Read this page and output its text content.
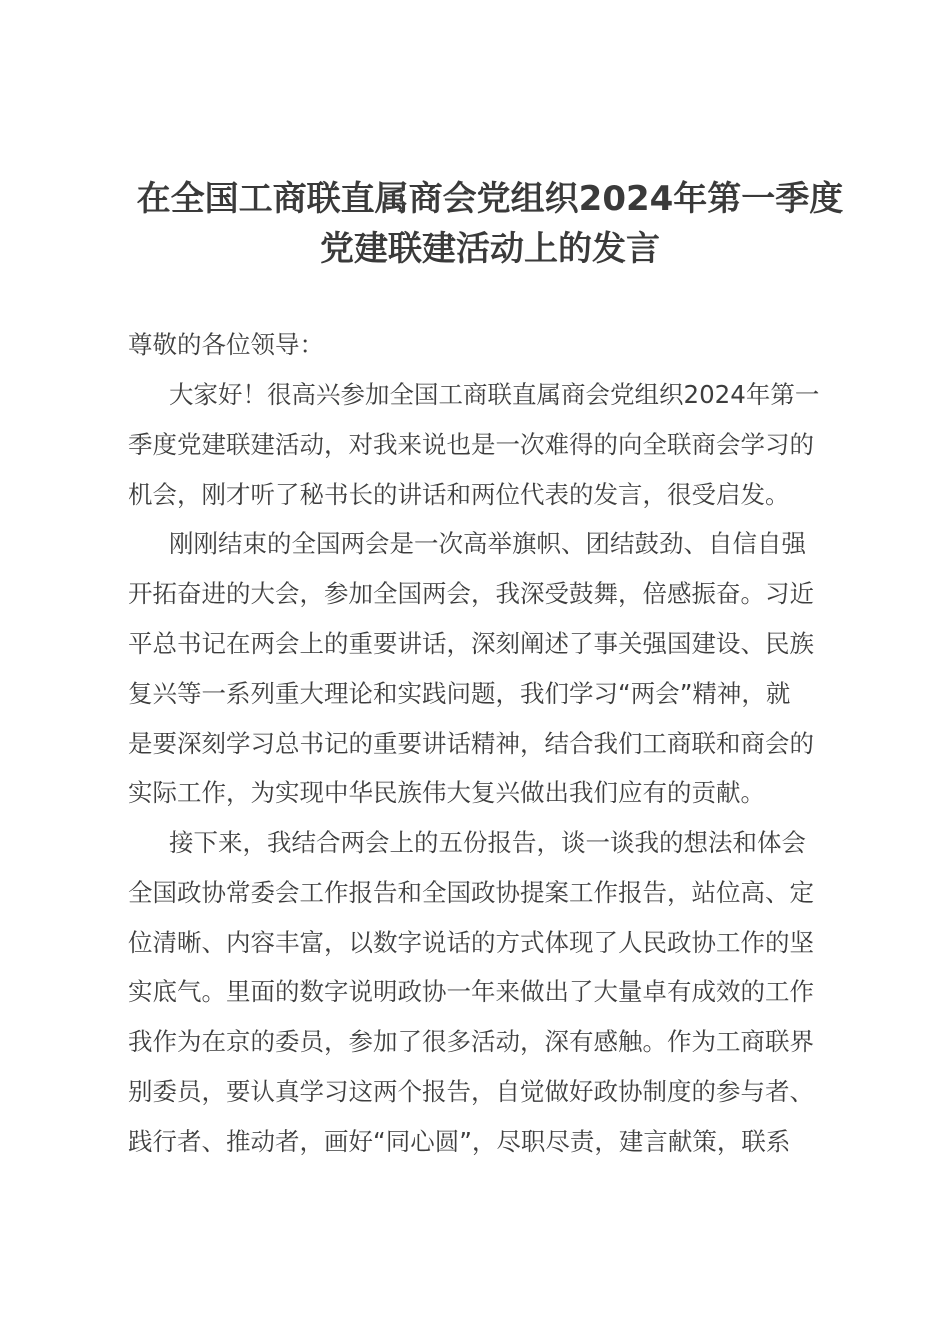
在全国工商联直属商会党组织2024年第一季度
党建联建活动上的发言
尊敬的各位领导：
大家好！很高兴参加全国工商联直属商会党组织2024年第一
季度党建联建活动，对我来说也是一次难得的向全联商会学习的
机会，刚才听了秘书长的讲话和两位代表的发言，很受启发。
刚刚结束的全国两会是一次高举旗帜、团结鼓劲、自信自强
开拓奋进的大会，参加全国两会，我深受鼓舞，倍感振奋。习近
平总书记在两会上的重要讲话，深刻阐述了事关强国建设、民族
复兴等一系列重大理论和实践问题，我们学习“两会”精神，就
是要深刻学习总书记的重要讲话精神，结合我们工商联和商会的
实际工作，为实现中华民族伟大复兴做出我们应有的贡献。
接下来，我结合两会上的五份报告，谈一谈我的想法和体会
全国政协常委会工作报告和全国政协提案工作报告，站位高、定
位清晰、内容丰富，以数字说话的方式体现了人民政协工作的坚
实底气。里面的数字说明政协一年来做出了大量卓有成效的工作
我作为在京的委员，参加了很多活动，深有感触。作为工商联界
别委员，要认真学习这两个报告，自觉做好政协制度的参与者、
践行者、推动者，画好“同心圆”，尽职尽责，建言献策，联系
